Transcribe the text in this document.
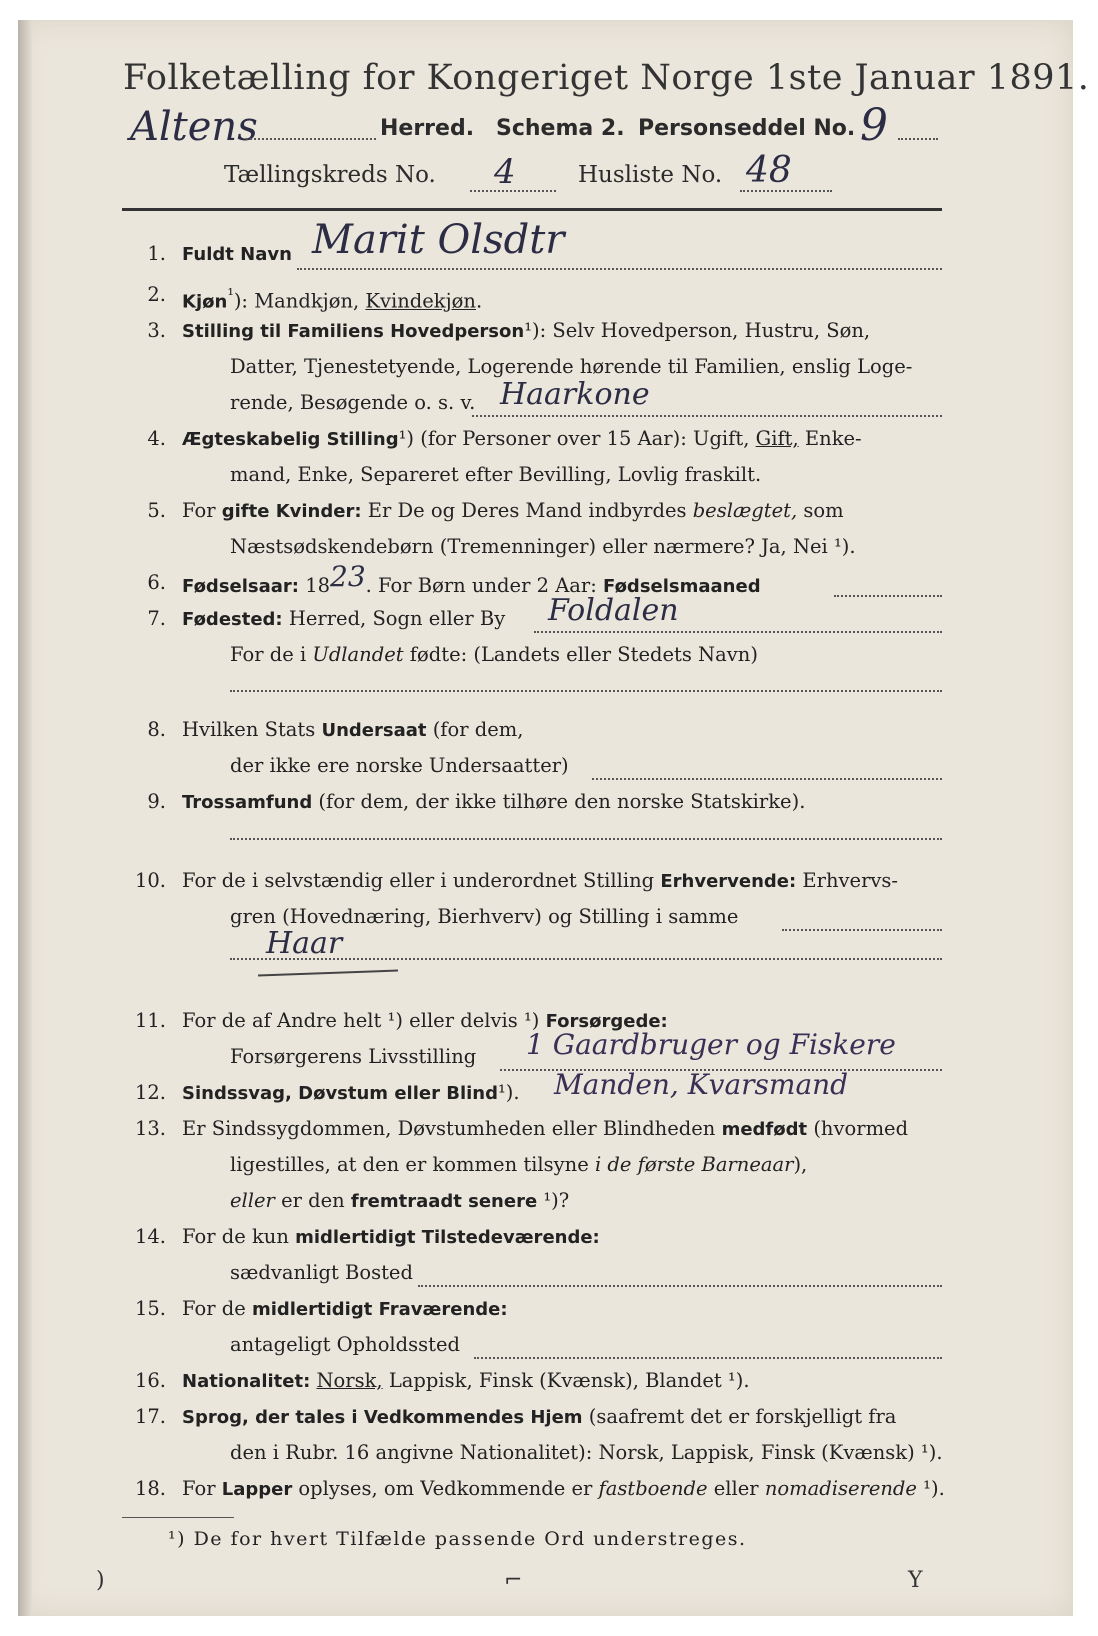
Folketælling for Kongeriget Norge 1ste Januar 1891.
Altens	Herred. Schema 2. Personseddel No. 9
Tællingskreds No. 4	Husliste No. 48
1. Fuldt Navn Marit Olsdtr
2. Kjøn$^{^1}$): Mandkjøn, Kvindekjøn.
3. Stilling til Familiens Hovedperson¹): Selv Hovedperson, Hustru, Søn,
Datter, Tjenestetyende, Logerende hørende til Familien, enslig Loge-
rende, Besøgende o. s. v. Haarkone
4. Ægteskabelig Stilling¹) (for Personer over 15 Aar): Ugift, Gift, Enke-
mand, Enke, Separeret efter Bevilling, Lovlig fraskilt.
5. For gifte Kvinder: Er De og Deres Mand indbyrdes beslægtet, som
Næstsødskendebørn (Tremenninger) eller nærmere? Ja, Nei ¹).
6. Fødselsaar: 1823. For Børn under 2 Aar: Fødselsmaaned
7. Fødested: Herred, Sogn eller By	Foldalen
For de i Udlandet fødte: (Landets eller Stedets Navn)
8. Hvilken Stats Undersaat (for dem,
der ikke ere norske Undersaatter)
9. Trossamfund (for dem, der ikke tilhøre den norske Statskirke).
10. For de i selvstændig eller i underordnet Stilling Erhvervende: Erhvervs-
gren (Hovednæring, Bierhverv) og Stilling i samme
Haar
11. For de af Andre helt ¹) eller delvis ¹) Forsørgede:
Forsørgerens Livsstilling	1 Gaardbruger og Fiskere
12. Sindssvag, Døvstum eller Blind¹).	Manden, Kvarsmand
13. Er Sindssygdommen, Døvstumheden eller Blindheden medfødt (hvormed
ligestilles, at den er kommen tilsyne i de første Barneaar),
eller er den fremtraadt senere ¹)?
14. For de kun midlertidigt Tilstedeværende:
sædvanligt Bosted
15. For de midlertidigt Fraværende:
antageligt Opholdssted
16. Nationalitet: Norsk, Lappisk, Finsk (Kvænsk), Blandet ¹).
17. Sprog, der tales i Vedkommendes Hjem (saafremt det er forskjelligt fra
den i Rubr. 16 angivne Nationalitet): Norsk, Lappisk, Finsk (Kvænsk) ¹).
18. For Lapper oplyses, om Vedkommende er fastboende eller nomadiserende ¹).
¹) De for hvert Tilfælde passende Ord understreges.
)	⌐	Y
